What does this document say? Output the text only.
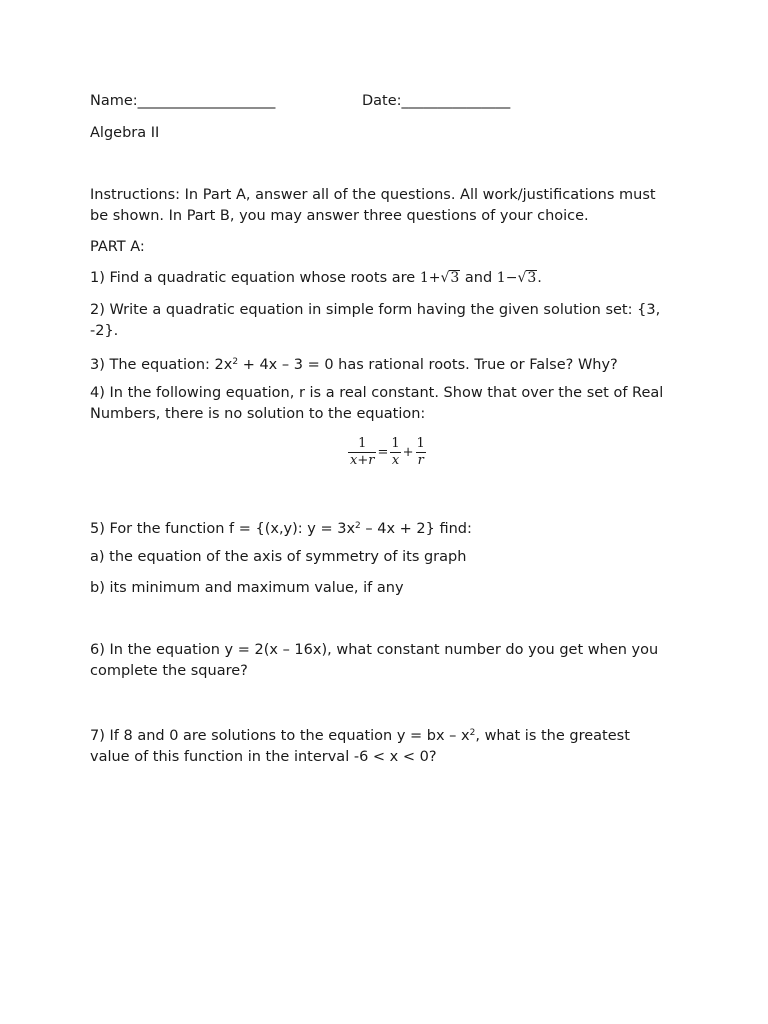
Name:___________________	Date:_______________
Algebra II
Instructions: In Part A, answer all of the questions. All work/justifications must be shown. In Part B, you may answer three questions of your choice.
PART A:
1) Find a quadratic equation whose roots are 1+√3 and 1−√3.
2) Write a quadratic equation in simple form having the given solution set: {3, -2}.
3) The equation: $2x^2 + 4x - 3 = 0$ has rational roots. True or False? Why?
4) In the following equation, r is a real constant. Show that over the set of Real Numbers, there is no solution to the equation:
$\frac{1}{x+r} = \frac{1}{x} + \frac{1}{r}$
5) For the function f = {(x,y): $y = 3x^2 - 4x + 2$} find:
a) the equation of the axis of symmetry of its graph
b) its minimum and maximum value, if any
6) In the equation y = 2(x – 16x), what constant number do you get when you complete the square?
7) If 8 and 0 are solutions to the equation y = bx – $x^2$, what is the greatest value of this function in the interval -6 < x < 0?
